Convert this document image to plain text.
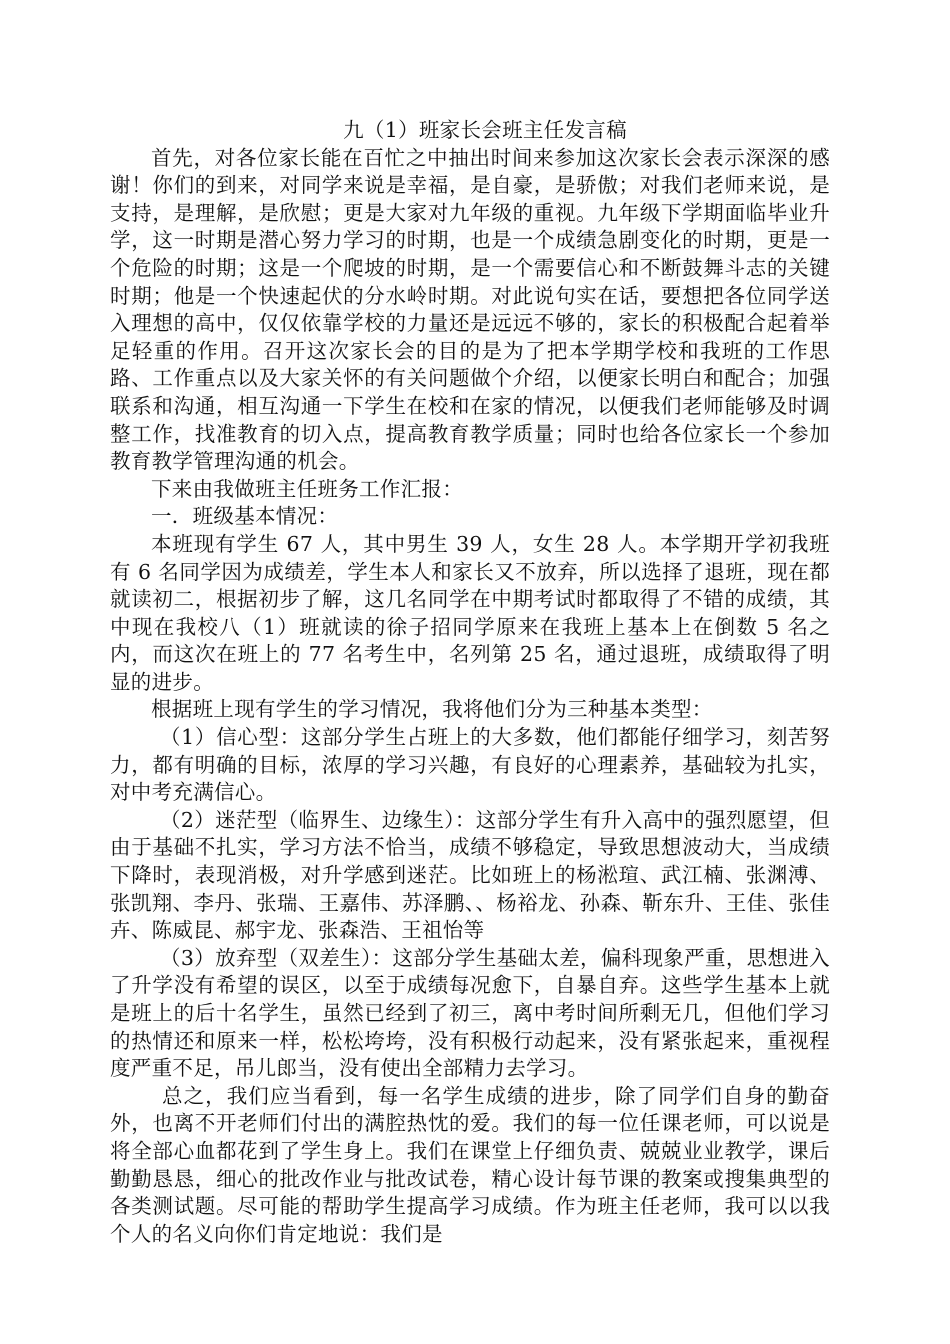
九（1）班家长会班主任发言稿

首先，对各位家长能在百忙之中抽出时间来参加这次家长会表示深深的感谢！你们的到来，对同学来说是幸福，是自豪，是骄傲；对我们老师来说，是支持，是理解，是欣慰；更是大家对九年级的重视。九年级下学期面临毕业升学，这一时期是潜心努力学习的时期，也是一个成绩急剧变化的时期，更是一个危险的时期；这是一个爬坡的时期，是一个需要信心和不断鼓舞斗志的关键时期；他是一个快速起伏的分水岭时期。对此说句实在话，要想把各位同学送入理想的高中，仅仅依靠学校的力量还是远远不够的，家长的积极配合起着举足轻重的作用。召开这次家长会的目的是为了把本学期学校和我班的工作思路、工作重点以及大家关怀的有关问题做个介绍，以便家长明白和配合；加强联系和沟通，相互沟通一下学生在校和在家的情况，以便我们老师能够及时调整工作，找准教育的切入点，提高教育教学质量；同时也给各位家长一个参加教育教学管理沟通的机会。

下来由我做班主任班务工作汇报：

一．班级基本情况：

本班现有学生 67 人，其中男生 39 人，女生 28 人。本学期开学初我班有 6 名同学因为成绩差，学生本人和家长又不放弃，所以选择了退班，现在都就读初二，根据初步了解，这几名同学在中期考试时都取得了不错的成绩，其中现在我校八（1）班就读的徐子招同学原来在我班上基本上在倒数 5 名之内，而这次在班上的 77 名考生中，名列第 25 名，通过退班，成绩取得了明显的进步。

根据班上现有学生的学习情况，我将他们分为三种基本类型：

（1）信心型：这部分学生占班上的大多数，他们都能仔细学习，刻苦努力，都有明确的目标，浓厚的学习兴趣，有良好的心理素养，基础较为扎实，对中考充满信心。

（2）迷茫型（临界生、边缘生）：这部分学生有升入高中的强烈愿望，但由于基础不扎实，学习方法不恰当，成绩不够稳定，导致思想波动大，当成绩下降时，表现消极，对升学感到迷茫。比如班上的杨淞瑄、武江楠、张渊溥、张凯翔、李丹、张瑞、王嘉伟、苏泽鹏、、杨裕龙、孙森、靳东升、王佳、张佳卉、陈威昆、郝宇龙、张森浩、王祖怡等

（3）放弃型（双差生）：这部分学生基础太差，偏科现象严重，思想进入了升学没有希望的误区，以至于成绩每况愈下，自暴自弃。这些学生基本上就是班上的后十名学生，虽然已经到了初三，离中考时间所剩无几，但他们学习的热情还和原来一样，松松垮垮，没有积极行动起来，没有紧张起来，重视程度严重不足，吊儿郎当，没有使出全部精力去学习。

总之，我们应当看到，每一名学生成绩的进步，除了同学们自身的勤奋外，也离不开老师们付出的满腔热忱的爱。我们的每一位任课老师，可以说是将全部心血都花到了学生身上。我们在课堂上仔细负责、兢兢业业教学，课后勤勤恳恳，细心的批改作业与批改试卷，精心设计每节课的教案或搜集典型的各类测试题。尽可能的帮助学生提高学习成绩。作为班主任老师，我可以以我个人的名义向你们肯定地说：我们是
